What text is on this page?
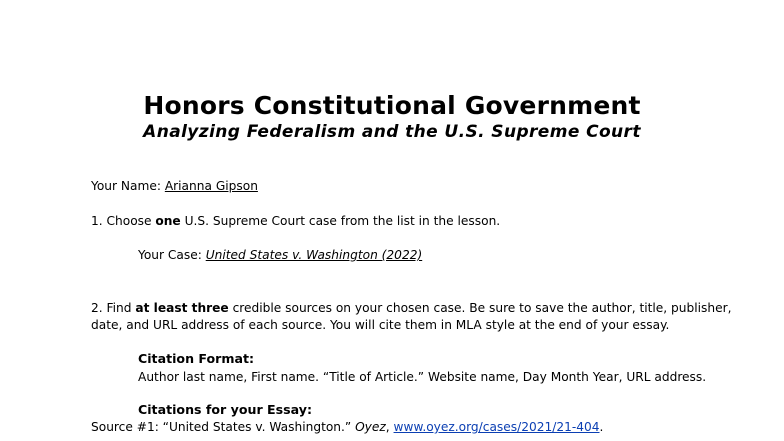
Honors Constitutional Government
Analyzing Federalism and the U.S. Supreme Court
Your Name: Arianna Gipson
1. Choose one U.S. Supreme Court case from the list in the lesson.
Your Case: United States v. Washington (2022)
2. Find at least three credible sources on your chosen case. Be sure to save the author, title, publisher,
date, and URL address of each source. You will cite them in MLA style at the end of your essay.
Citation Format:
Author last name, First name. “Title of Article.” Website name, Day Month Year, URL address.
Citations for your Essay:
Source #1: “United States v. Washington.” Oyez, www.oyez.org/cases/2021/21-404.
